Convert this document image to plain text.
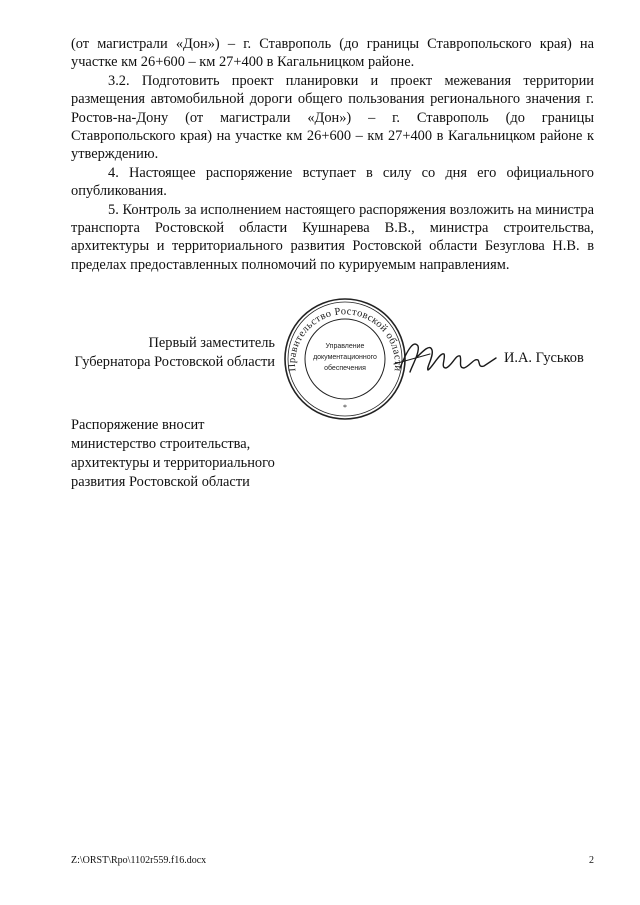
(от магистрали «Дон») – г. Ставрополь (до границы Ставропольского края) на участке км 26+600 – км 27+400 в Кагальницком районе.

3.2. Подготовить проект планировки и проект межевания территории размещения автомобильной дороги общего пользования регионального значения г. Ростов-на-Дону (от магистрали «Дон») – г. Ставрополь (до границы Ставропольского края) на участке км 26+600 – км 27+400 в Кагальницком районе к утверждению.

4. Настоящее распоряжение вступает в силу со дня его официального опубликования.

5. Контроль за исполнением настоящего распоряжения возложить на министра транспорта Ростовской области Кушнарева В.В., министра строительства, архитектуры и территориального развития Ростовской области Безуглова Н.В. в пределах предоставленных полномочий по курируемым направлениям.

Первый заместитель
Губернатора Ростовской области Правительство Ростовской области
Управление
документационного
обеспечения
*
И.А. Гуськов
Распоряжение вносит
министерство строительства,
архитектуры и территориального
развития Ростовской области
Z:\ORST\Rpo\1102r559.f16.docx	2
